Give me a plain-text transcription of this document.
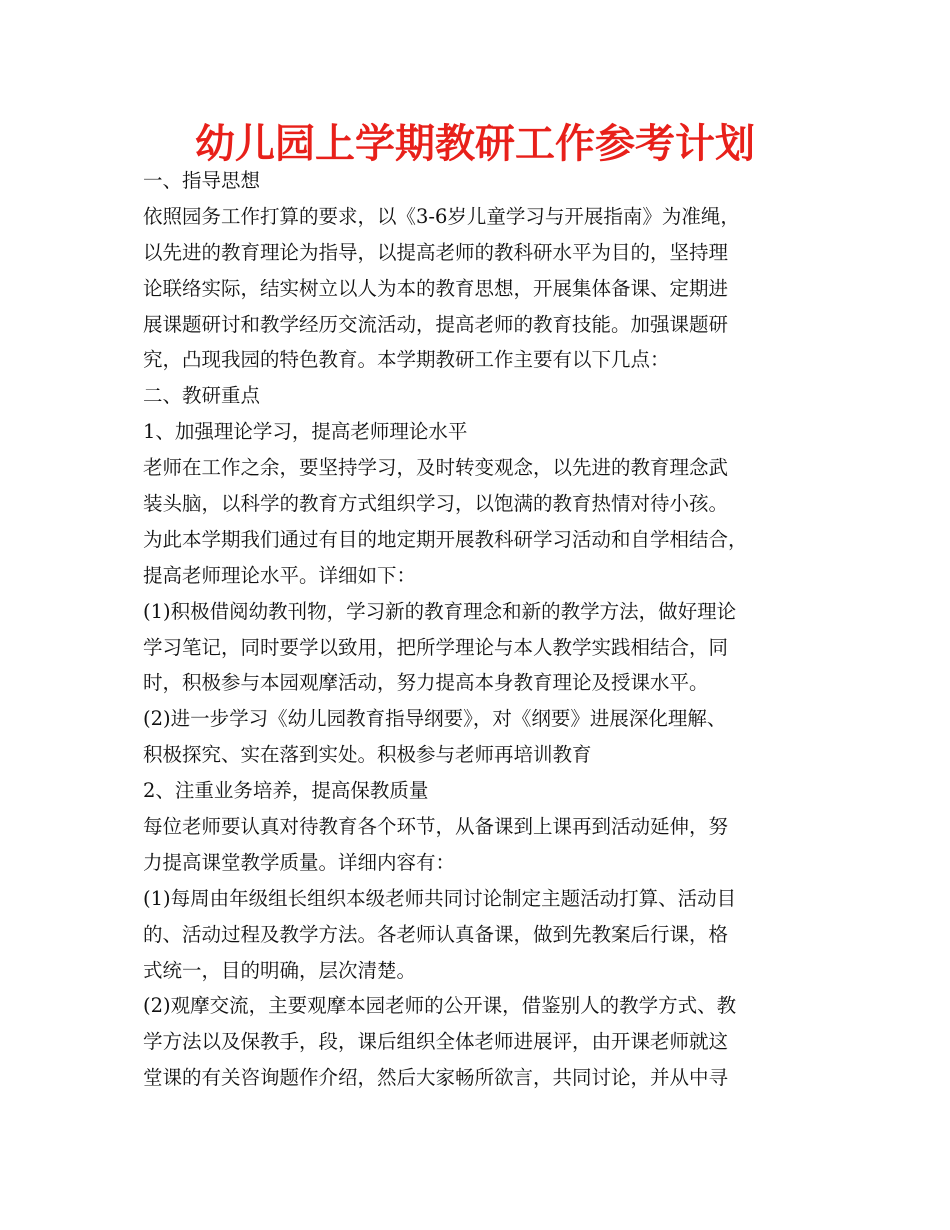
幼儿园上学期教研工作参考计划
一、指导思想
依照园务工作打算的要求，以《3-6岁儿童学习与开展指南》为准绳，
以先进的教育理论为指导，以提高老师的教科研水平为目的，坚持理
论联络实际，结实树立以人为本的教育思想，开展集体备课、定期进
展课题研讨和教学经历交流活动，提高老师的教育技能。加强课题研
究，凸现我园的特色教育。本学期教研工作主要有以下几点：
二、教研重点
1、加强理论学习，提高老师理论水平
老师在工作之余，要坚持学习，及时转变观念，以先进的教育理念武
装头脑，以科学的教育方式组织学习，以饱满的教育热情对待小孩。
为此本学期我们通过有目的地定期开展教科研学习活动和自学相结合，
提高老师理论水平。详细如下：
(1)积极借阅幼教刊物，学习新的教育理念和新的教学方法，做好理论
学习笔记，同时要学以致用，把所学理论与本人教学实践相结合，同
时，积极参与本园观摩活动，努力提高本身教育理论及授课水平。
(2)进一步学习《幼儿园教育指导纲要》，对《纲要》进展深化理解、
积极探究、实在落到实处。积极参与老师再培训教育
2、注重业务培养，提高保教质量
每位老师要认真对待教育各个环节，从备课到上课再到活动延伸，努
力提高课堂教学质量。详细内容有：
(1)每周由年级组长组织本级老师共同讨论制定主题活动打算、活动目
的、活动过程及教学方法。各老师认真备课，做到先教案后行课，格
式统一，目的明确，层次清楚。
(2)观摩交流，主要观摩本园老师的公开课，借鉴别人的教学方式、教
学方法以及保教手，段，课后组织全体老师进展评，由开课老师就这
堂课的有关咨询题作介绍，然后大家畅所欲言，共同讨论，并从中寻
